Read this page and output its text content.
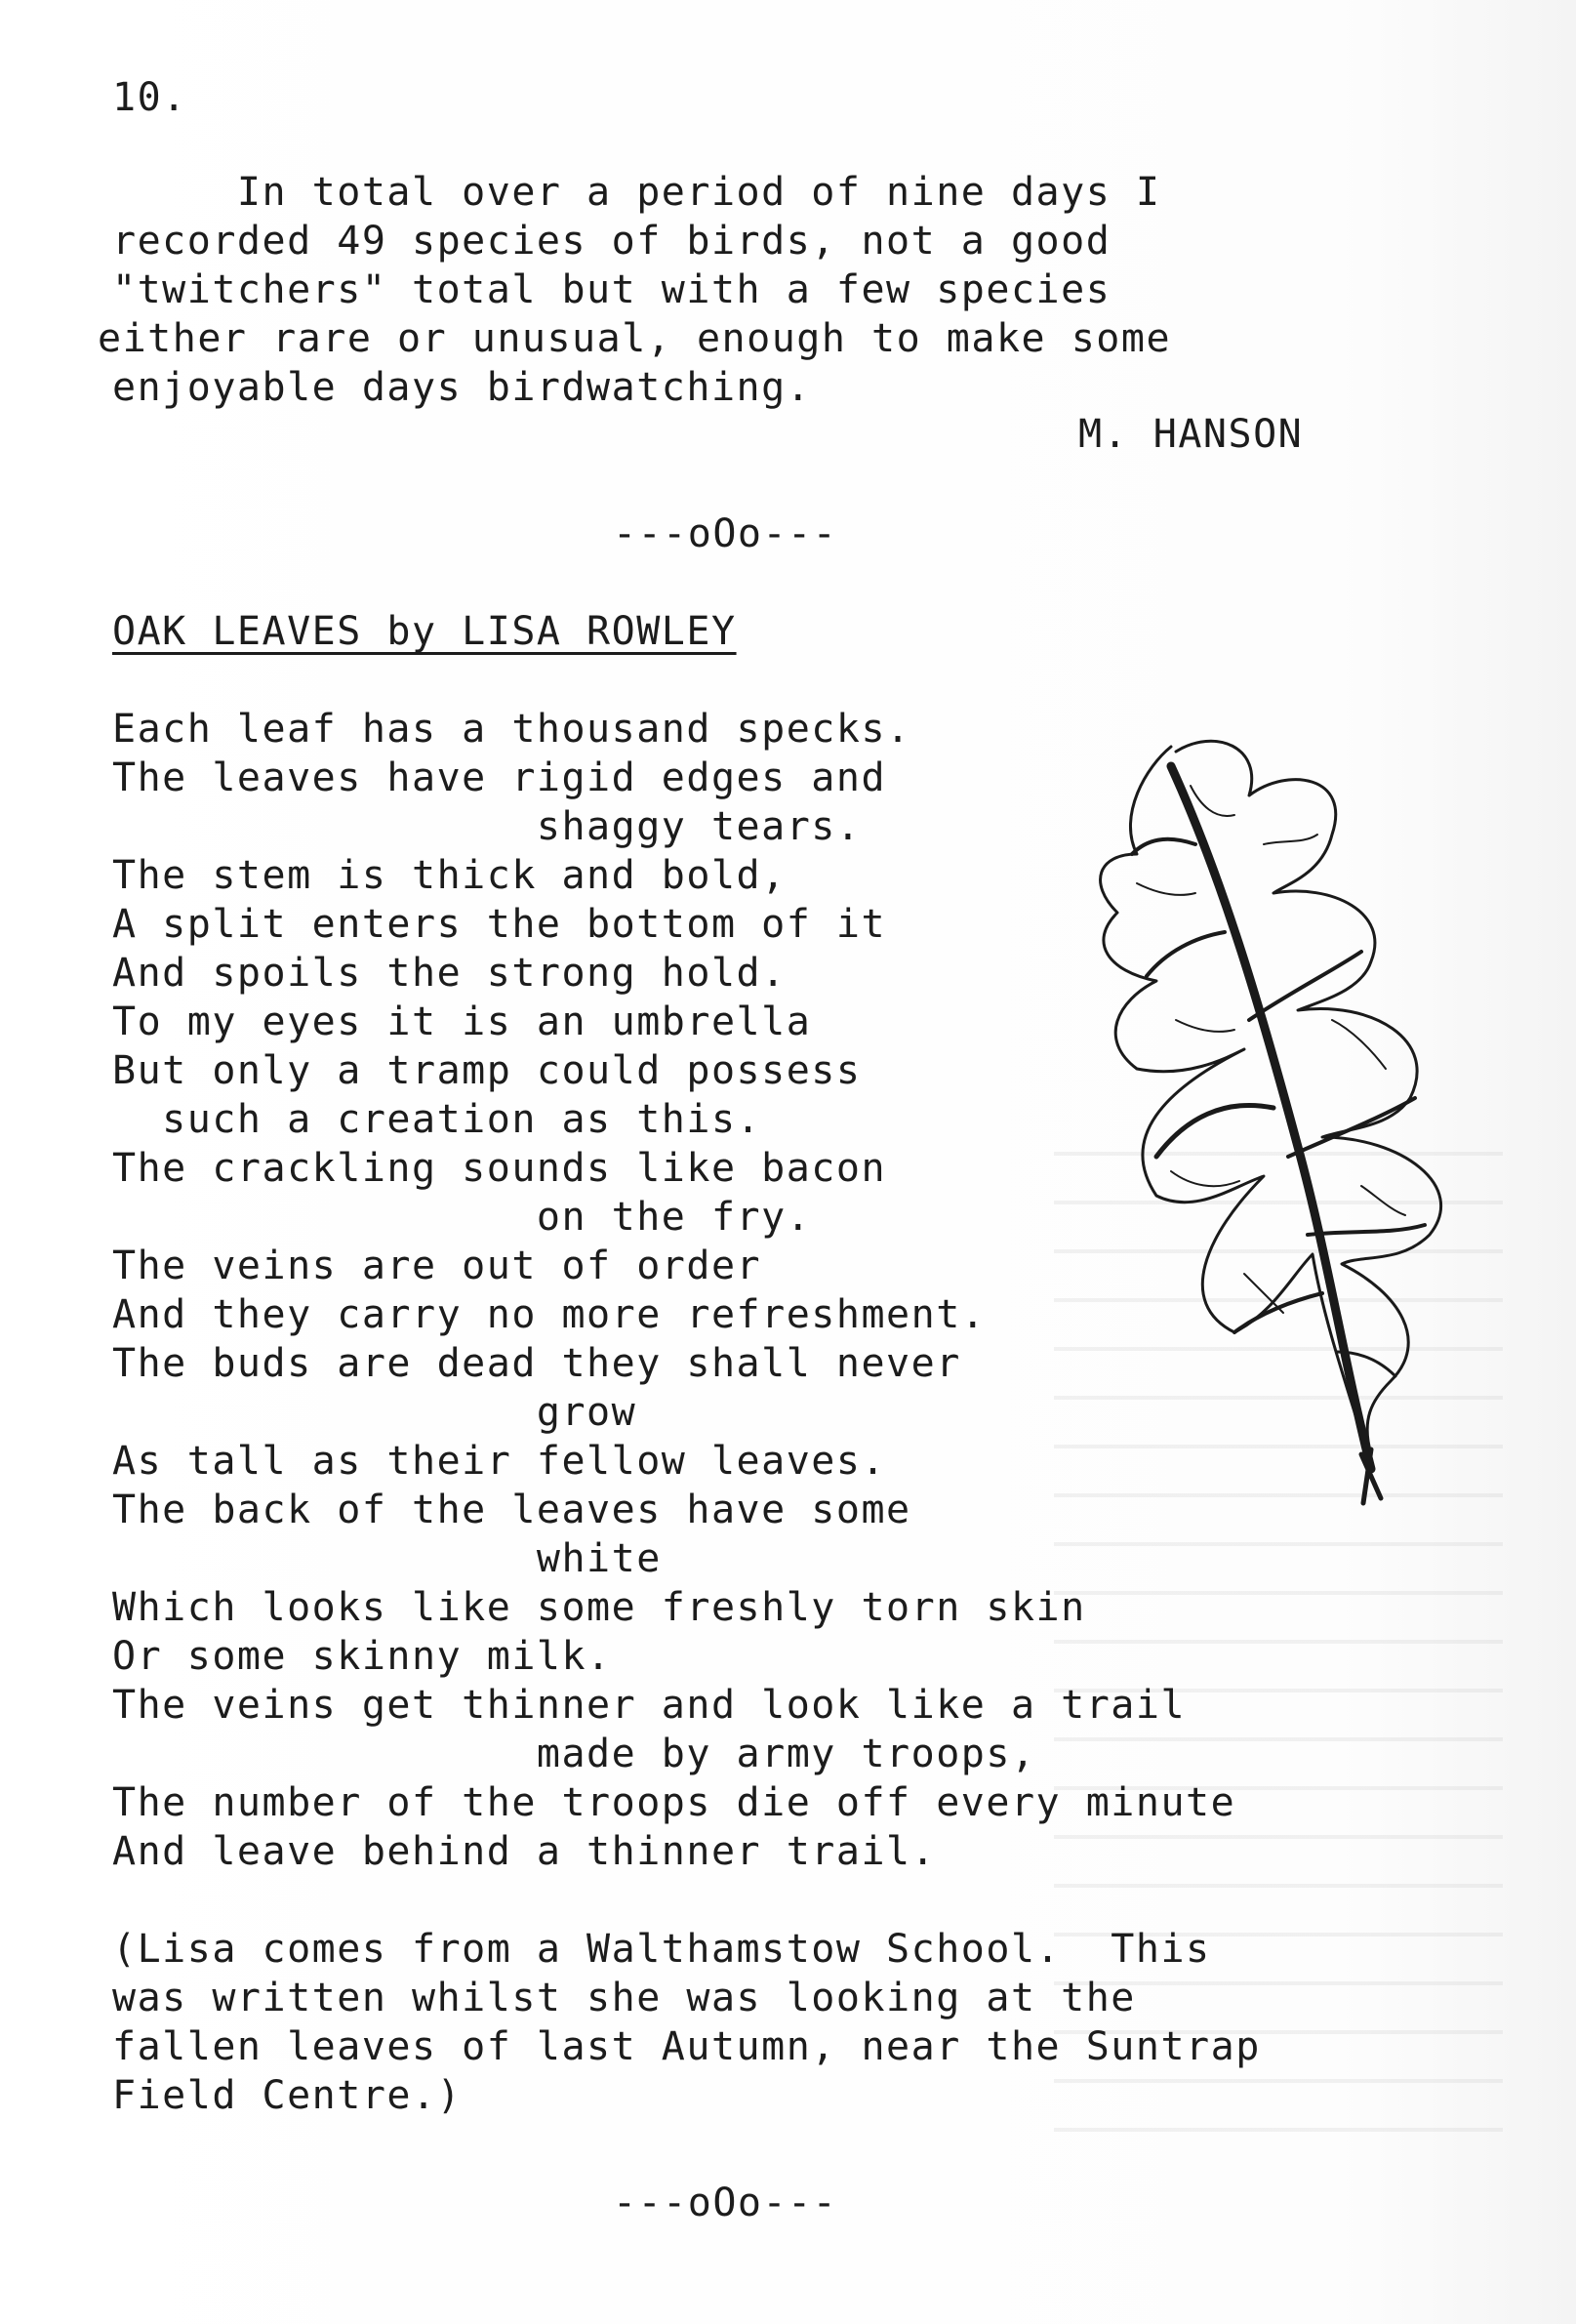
10.

In total over a period of nine days I

recorded 49 species of birds, not a good

"twitchers" total but with a few species

either rare or unusual, enough to make some

enjoyable days birdwatching.

M. HANSON

---oOo---

OAK LEAVES by LISA ROWLEY

Each leaf has a thousand specks.

The leaves have rigid edges and

shaggy tears.

The stem is thick and bold,

A split enters the bottom of it

And spoils the strong hold.

To my eyes it is an umbrella

But only a tramp could possess

such a creation as this.

The crackling sounds like bacon

on the fry.

The veins are out of order

And they carry no more refreshment.

The buds are dead they shall never

grow

As tall as their fellow leaves.

The back of the leaves have some

white

Which looks like some freshly torn skin

Or some skinny milk.

The veins get thinner and look like a trail

made by army troops,

The number of the troops die off every minute

And leave behind a thinner trail.

(Lisa comes from a Walthamstow School.  This

was written whilst she was looking at the

fallen leaves of last Autumn, near the Suntrap

Field Centre.)

---oOo---
